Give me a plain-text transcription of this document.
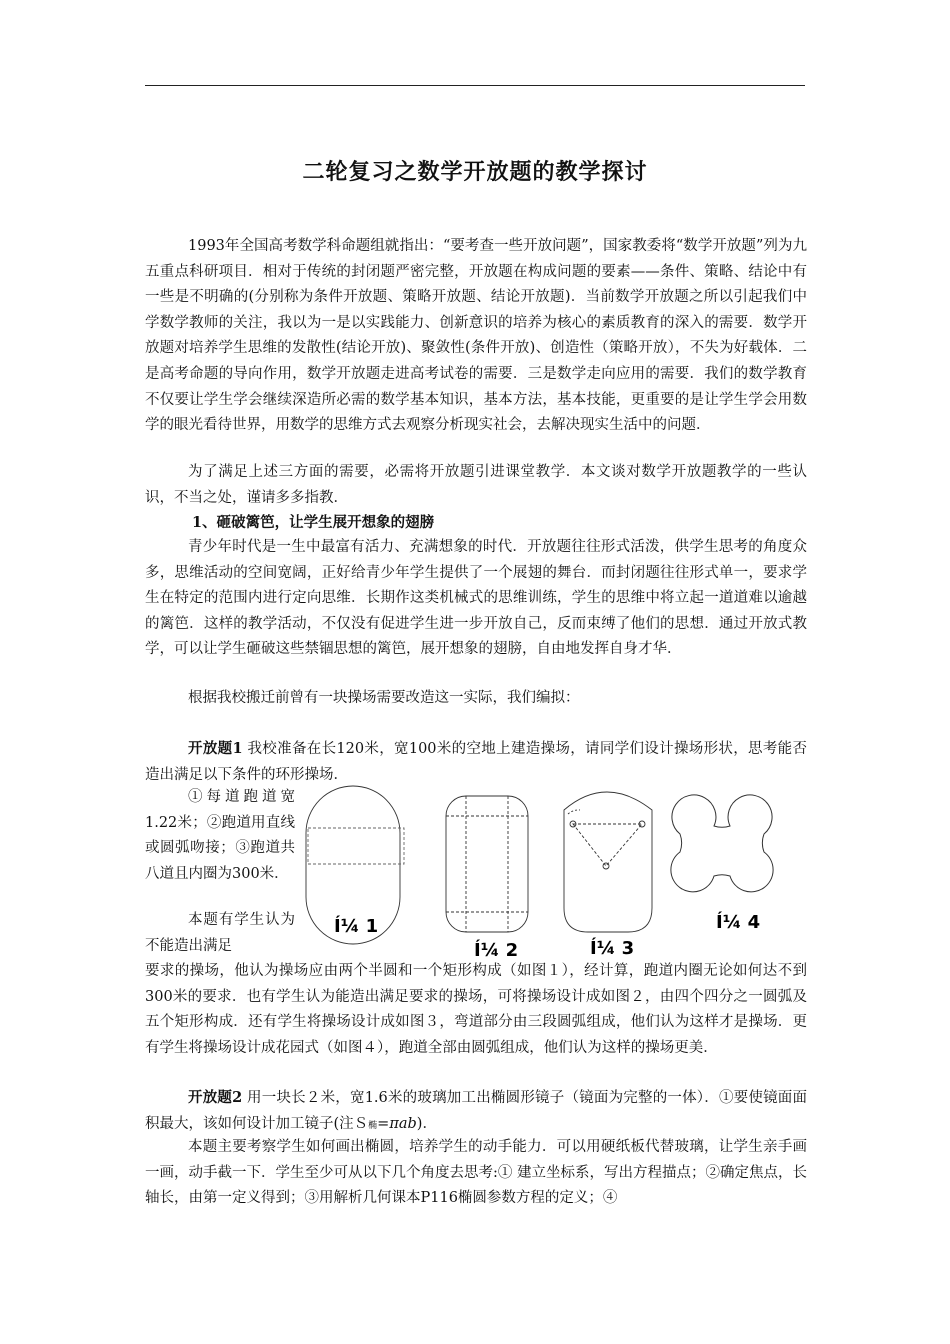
二轮复习之数学开放题的教学探讨
1993年全国高考数学科命题组就指出：“要考查一些开放问题”，国家教委将“数学开放题”列为九五重点科研项目．相对于传统的封闭题严密完整，开放题在构成问题的要素——条件、策略、结论中有一些是不明确的(分别称为条件开放题、策略开放题、结论开放题)．当前数学开放题之所以引起我们中学数学教师的关注，我以为一是以实践能力、创新意识的培养为核心的素质教育的深入的需要．数学开放题对培养学生思维的发散性(结论开放)、聚敛性(条件开放)、创造性（策略开放），不失为好载体．二是高考命题的导向作用，数学开放题走进高考试卷的需要．三是数学走向应用的需要．我们的数学教育不仅要让学生学会继续深造所必需的数学基本知识，基本方法，基本技能，更重要的是让学生学会用数学的眼光看待世界，用数学的思维方式去观察分析现实社会，去解决现实生活中的问题．
为了满足上述三方面的需要，必需将开放题引进课堂教学．本文谈对数学开放题教学的一些认识，不当之处，谨请多多指教．
1、砸破篱笆，让学生展开想象的翅膀
青少年时代是一生中最富有活力、充满想象的时代．开放题往往形式活泼，供学生思考的角度众多，思维活动的空间宽阔，正好给青少年学生提供了一个展翅的舞台．而封闭题往往形式单一，要求学生在特定的范围内进行定向思维．长期作这类机械式的思维训练，学生的思维中将立起一道道难以逾越的篱笆．这样的教学活动，不仅没有促进学生进一步开放自己，反而束缚了他们的思想．通过开放式教学，可以让学生砸破这些禁锢思想的篱笆，展开想象的翅膀，自由地发挥自身才华．
根据我校搬迁前曾有一块操场需要改造这一实际，我们编拟：
开放题1 我校准备在长120米，宽100米的空地上建造操场，请同学们设计操场形状，思考能否造出满足以下条件的环形操场．
①每道跑道宽1.22米；②跑道用直线或圆弧吻接；③跑道共八道且内圈为300米．
本题有学生认为不能造出满足
要求的操场，他认为操场应由两个半圆和一个矩形构成（如图１），经计算，跑道内圈无论如何达不到300米的要求．也有学生认为能造出满足要求的操场，可将操场设计成如图２，由四个四分之一圆弧及五个矩形构成．还有学生将操场设计成如图３，弯道部分由三段圆弧组成，他们认为这样才是操场．更有学生将操场设计成花园式（如图４），跑道全部由圆弧组成，他们认为这样的操场更美．
Í¼ 1
Í¼ 2	Í¼ 3
Í¼ 4
开放题2 用一块长２米，宽1.6米的玻璃加工出椭圆形镜子（镜面为完整的一体）．①要使镜面面积最大，该如何设计加工镜子(注Ｓ椭=πab)．
本题主要考察学生如何画出椭圆，培养学生的动手能力．可以用硬纸板代替玻璃，让学生亲手画一画，动手截一下．学生至少可从以下几个角度去思考:① 建立坐标系，写出方程描点；②确定焦点，长轴长，由第一定义得到；③用解析几何课本P116椭圆参数方程的定义；④
